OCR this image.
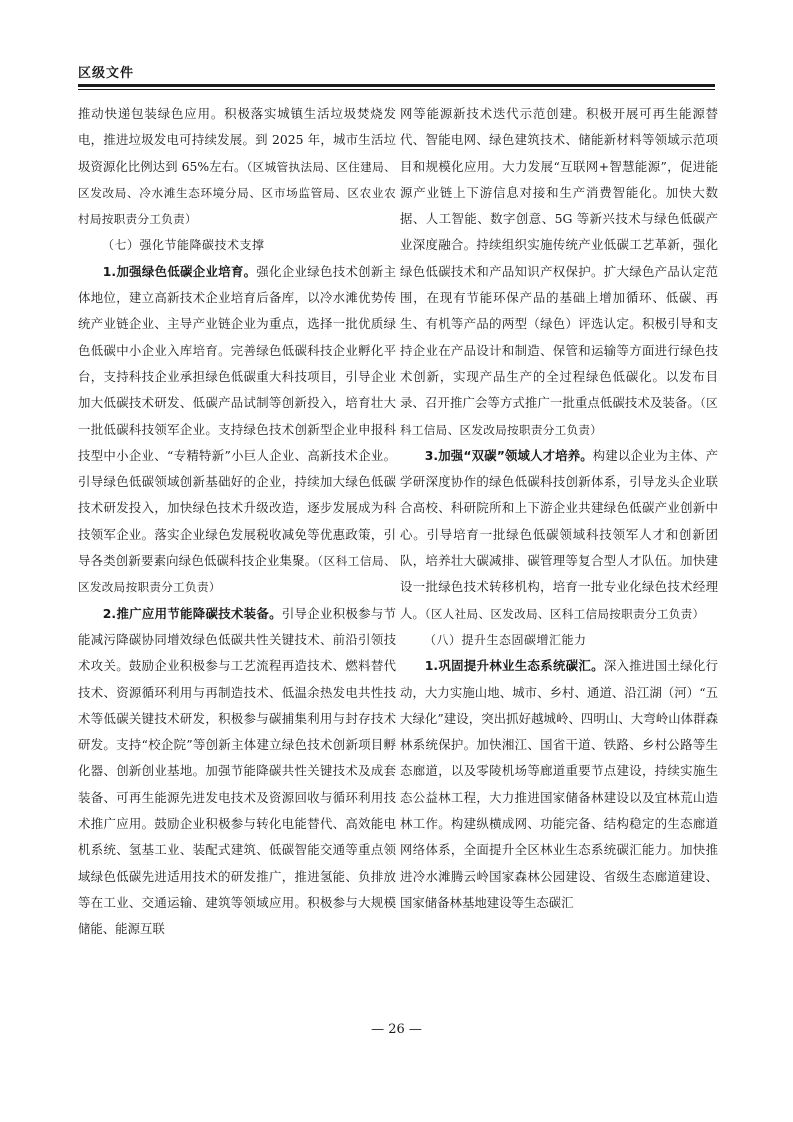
区级文件

推动快递包装绿色应用。积极落实城镇生活垃圾焚烧发电，推进垃圾发电可持续发展。到 2025 年，城市生活垃圾资源化比例达到 65%左右。（区城管执法局、区住建局、区发改局、冷水滩生态环境分局、区市场监管局、区农业农村局按职责分工负责）

（七）强化节能降碳技术支撑

1.加强绿色低碳企业培育。强化企业绿色技术创新主体地位，建立高新技术企业培育后备库，以冷水滩优势传统产业链企业、主导产业链企业为重点，选择一批优质绿色低碳中小企业入库培育。完善绿色低碳科技企业孵化平台，支持科技企业承担绿色低碳重大科技项目，引导企业加大低碳技术研发、低碳产品试制等创新投入，培育壮大一批低碳科技领军企业。支持绿色技术创新型企业申报科技型中小企业、“专精特新”小巨人企业、高新技术企业。引导绿色低碳领域创新基础好的企业，持续加大绿色低碳技术研发投入，加快绿色技术升级改造，逐步发展成为科技领军企业。落实企业绿色发展税收减免等优惠政策，引导各类创新要素向绿色低碳科技企业集聚。（区科工信局、区发改局按职责分工负责）

2.推广应用节能降碳技术装备。引导企业积极参与节能减污降碳协同增效绿色低碳共性关键技术、前沿引领技术攻关。鼓励企业积极参与工艺流程再造技术、燃料替代技术、资源循环利用与再制造技术、低温余热发电共性技术等低碳关键技术研发，积极参与碳捕集利用与封存技术研发。支持“校企院”等创新主体建立绿色技术创新项目孵化器、创新创业基地。加强节能降碳共性关键技术及成套装备、可再生能源先进发电技术及资源回收与循环利用技术推广应用。鼓励企业积极参与转化电能替代、高效能电机系统、氢基工业、装配式建筑、低碳智能交通等重点领域绿色低碳先进适用技术的研发推广，推进氢能、负排放等在工业、交通运输、建筑等领域应用。积极参与大规模储能、能源互联

网等能源新技术迭代示范创建。积极开展可再生能源替代、智能电网、绿色建筑技术、储能新材料等领域示范项目和规模化应用。大力发展“互联网+智慧能源”，促进能源产业链上下游信息对接和生产消费智能化。加快大数据、人工智能、数字创意、5G 等新兴技术与绿色低碳产业深度融合。持续组织实施传统产业低碳工艺革新，强化绿色低碳技术和产品知识产权保护。扩大绿色产品认定范围，在现有节能环保产品的基础上增加循环、低碳、再生、有机等产品的两型（绿色）评选认定。积极引导和支持企业在产品设计和制造、保管和运输等方面进行绿色技术创新，实现产品生产的全过程绿色低碳化。以发布目录、召开推广会等方式推广一批重点低碳技术及装备。（区科工信局、区发改局按职责分工负责）

3.加强“双碳”领域人才培养。构建以企业为主体、产学研深度协作的绿色低碳科技创新体系，引导龙头企业联合高校、科研院所和上下游企业共建绿色低碳产业创新中心。引导培育一批绿色低碳领域科技领军人才和创新团队，培养壮大碳减排、碳管理等复合型人才队伍。加快建设一批绿色技术转移机构，培育一批专业化绿色技术经理人。（区人社局、区发改局、区科工信局按职责分工负责）

（八）提升生态固碳增汇能力

1.巩固提升林业生态系统碳汇。深入推进国土绿化行动，大力实施山地、城市、乡村、通道、沿江湖（河）“五大绿化”建设，突出抓好越城岭、四明山、大弯岭山体群森林系统保护。加快湘江、国省干道、铁路、乡村公路等生态廊道，以及零陵机场等廊道重要节点建设，持续实施生态公益林工程，大力推进国家储备林建设以及宜林荒山造林工作。构建纵横成网、功能完备、结构稳定的生态廊道网络体系，全面提升全区林业生态系统碳汇能力。加快推进冷水滩腾云岭国家森林公园建设、省级生态廊道建设、国家储备林基地建设等生态碳汇

— 26 —
